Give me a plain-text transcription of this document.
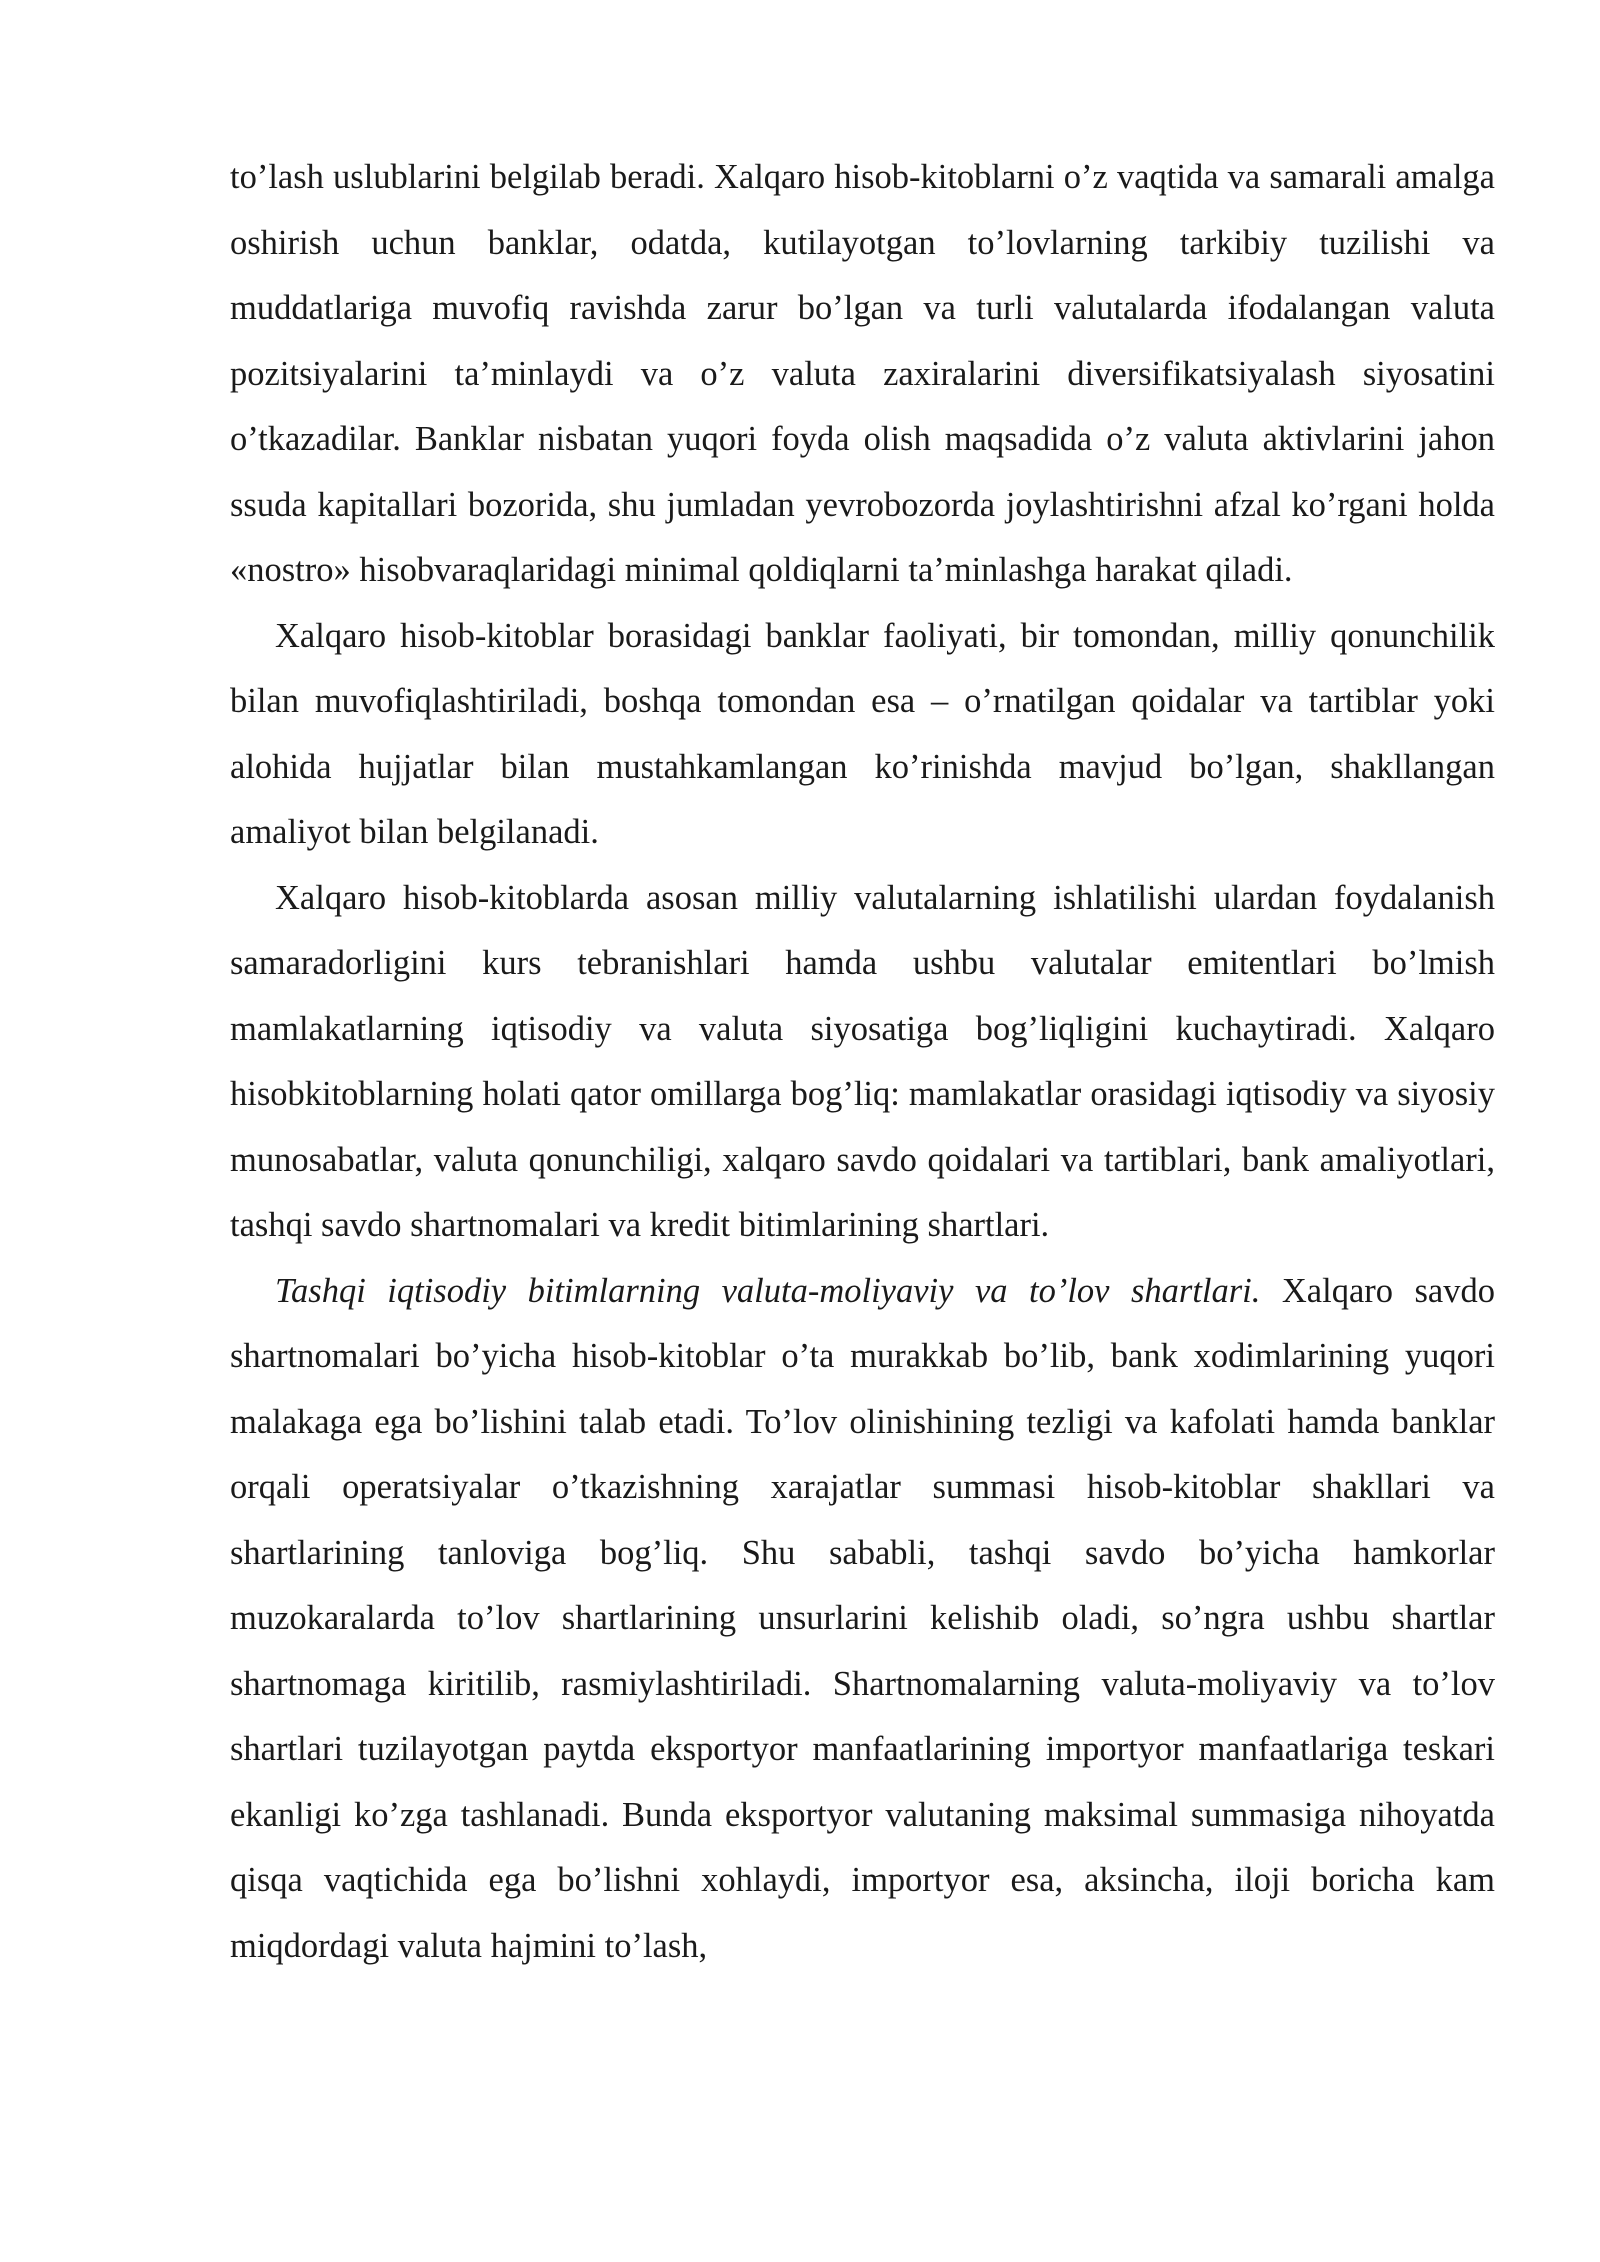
to’lash uslublarini belgilab beradi. Xalqaro hisob-kitoblarni o’z vaqtida va samarali amalga oshirish uchun banklar, odatda, kutilayotgan to’lovlarning tarkibiy tuzilishi va muddatlariga muvofiq ravishda zarur bo’lgan va turli valutalarda ifodalangan valuta pozitsiyalarini ta’minlaydi va o’z valuta zaxiralarini diversifikatsiyalash siyosatini o’tkazadilar. Banklar nisbatan yuqori foyda olish maqsadida o’z valuta aktivlarini jahon ssuda kapitallari bozorida, shu jumladan yevrobozorda joylashtirishni afzal ko’rgani holda «nostro» hisobvaraqlaridagi minimal qoldiqlarni ta’minlashga harakat qiladi.

Xalqaro hisob-kitoblar borasidagi banklar faoliyati, bir tomondan, milliy qonunchilik bilan muvofiqlashtiriladi, boshqa tomondan esa – o’rnatilgan qoidalar va tartiblar yoki alohida hujjatlar bilan mustahkamlangan ko’rinishda mavjud bo’lgan, shakllangan amaliyot bilan belgilanadi.

Xalqaro hisob-kitoblarda asosan milliy valutalarning ishlatilishi ulardan foydalanish samaradorligini kurs tebranishlari hamda ushbu valutalar emitentlari bo’lmish mamlakatlarning iqtisodiy va valuta siyosatiga bog’liqligini kuchaytiradi. Xalqaro hisobkitoblarning holati qator omillarga bog’liq: mamlakatlar orasidagi iqtisodiy va siyosiy munosabatlar, valuta qonunchiligi, xalqaro savdo qoidalari va tartiblari, bank amaliyotlari, tashqi savdo shartnomalari va kredit bitimlarining shartlari.

Tashqi iqtisodiy bitimlarning valuta-moliyaviy va to’lov shartlari. Xalqaro savdo shartnomalari bo’yicha hisob-kitoblar o’ta murakkab bo’lib, bank xodimlarining yuqori malakaga ega bo’lishini talab etadi. To’lov olinishining tezligi va kafolati hamda banklar orqali operatsiyalar o’tkazishning xarajatlar summasi hisob-kitoblar shakllari va shartlarining tanloviga bog’liq. Shu sababli, tashqi savdo bo’yicha hamkorlar muzokaralarda to’lov shartlarining unsurlarini kelishib oladi, so’ngra ushbu shartlar shartnomaga kiritilib, rasmiylashtiriladi. Shartnomalarning valuta-moliyaviy va to’lov shartlari tuzilayotgan paytda eksportyor manfaatlarining importyor manfaatlariga teskari ekanligi ko’zga tashlanadi. Bunda eksportyor valutaning maksimal summasiga nihoyatda qisqa vaqtichida ega bo’lishni xohlaydi, importyor esa, aksincha, iloji boricha kam miqdordagi valuta hajmini to’lash,
